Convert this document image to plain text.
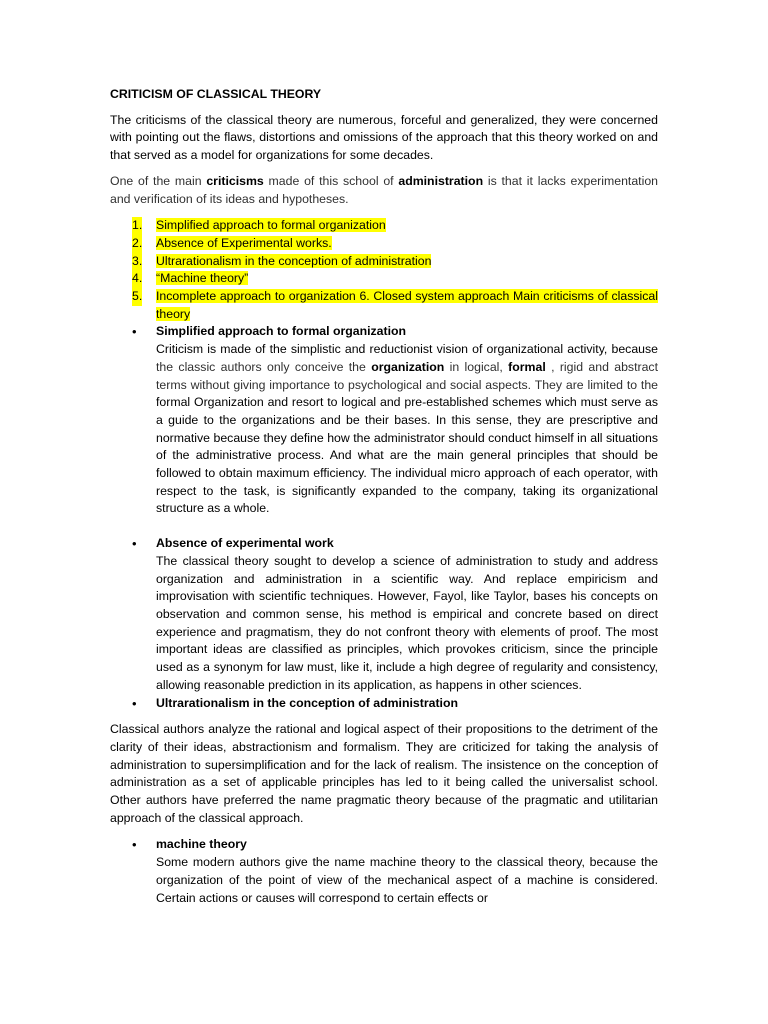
CRITICISM OF CLASSICAL THEORY

The criticisms of the classical theory are numerous, forceful and generalized, they were concerned with pointing out the flaws, distortions and omissions of the approach that this theory worked on and that served as a model for organizations for some decades.

One of the main criticisms made of this school of administration is that it lacks experimentation and verification of its ideas and hypotheses.

1. Simplified approach to formal organization
2. Absence of Experimental works.
3. Ultrarationalism in the conception of administration
4. “Machine theory”
5. Incomplete approach to organization 6. Closed system approach Main criticisms of classical theory
• Simplified approach to formal organization
Criticism is made of the simplistic and reductionist vision of organizational activity, because the classic authors only conceive the organization in logical, formal , rigid and abstract terms without giving importance to psychological and social aspects. They are limited to the formal Organization and resort to logical and pre-established schemes which must serve as a guide to the organizations and be their bases. In this sense, they are prescriptive and normative because they define how the administrator should conduct himself in all situations of the administrative process. And what are the main general principles that should be followed to obtain maximum efficiency. The individual micro approach of each operator, with respect to the task, is significantly expanded to the company, taking its organizational structure as a whole.
• Absence of experimental work
The classical theory sought to develop a science of administration to study and address organization and administration in a scientific way. And replace empiricism and improvisation with scientific techniques. However, Fayol, like Taylor, bases his concepts on observation and common sense, his method is empirical and concrete based on direct experience and pragmatism, they do not confront theory with elements of proof. The most important ideas are classified as principles, which provokes criticism, since the principle used as a synonym for law must, like it, include a high degree of regularity and consistency, allowing reasonable prediction in its application, as happens in other sciences.
• Ultrarationalism in the conception of administration

Classical authors analyze the rational and logical aspect of their propositions to the detriment of the clarity of their ideas, abstractionism and formalism. They are criticized for taking the analysis of administration to supersimplification and for the lack of realism. The insistence on the conception of administration as a set of applicable principles has led to it being called the universalist school. Other authors have preferred the name pragmatic theory because of the pragmatic and utilitarian approach of the classical approach.

• machine theory
Some modern authors give the name machine theory to the classical theory, because the organization of the point of view of the mechanical aspect of a machine is considered. Certain actions or causes will correspond to certain effects or
